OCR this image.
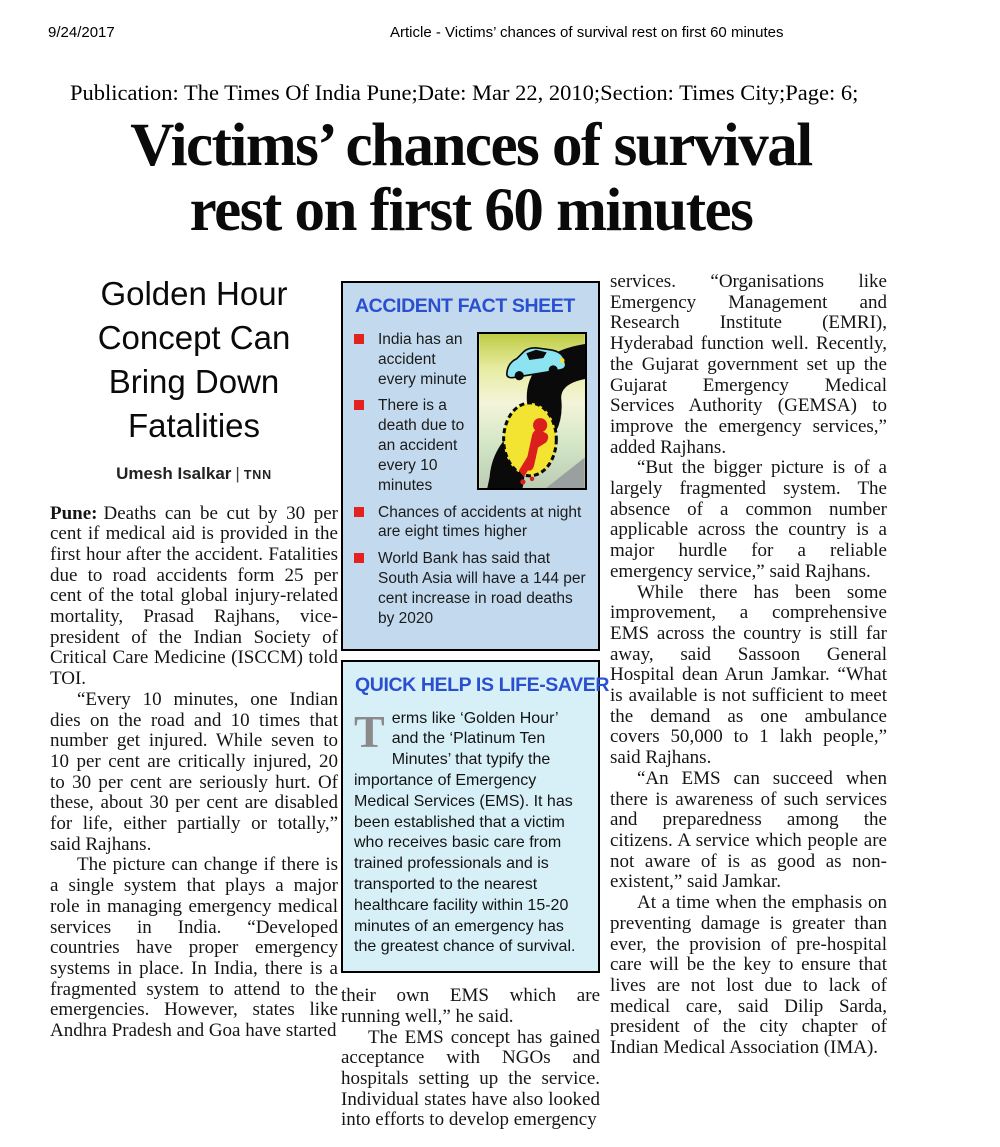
9/24/2017	Article - Victims’ chances of survival rest on first 60 minutes
Publication: The Times Of India Pune;Date: Mar 22, 2010;Section: Times City;Page: 6;
Victims’ chances of survival
rest on first 60 minutes
Golden Hour Concept Can Bring Down Fatalities
Umesh Isalkar | TNN

Pune: Deaths can be cut by 30 per cent if medical aid is provided in the first hour after the accident. Fatalities due to road accidents form 25 per cent of the total global injury-related mortality, Prasad Rajhans, vice-president of the Indian Society of Critical Care Medicine (ISCCM) told TOI.

“Every 10 minutes, one Indian dies on the road and 10 times that number get injured. While seven to 10 per cent are critically injured, 20 to 30 per cent are seriously hurt. Of these, about 30 per cent are disabled for life, either partially or totally,” said Rajhans.

The picture can change if there is a single system that plays a major role in managing emergency medical services in India. “Developed countries have proper emergency systems in place. In India, there is a fragmented system to attend to the emergencies. However, states like Andhra Pradesh and Goa have started

ACCIDENT FACT SHEET

India has an accident every minute

There is a death due to an accident every 10 minutes

Chances of accidents at night are eight times higher

World Bank has said that South Asia will have a 144 per cent increase in road deaths by 2020

QUICK HELP IS LIFE-SAVER

Terms like ‘Golden Hour’ and the ‘Platinum Ten Minutes’ that typify the importance of Emergency Medical Services (EMS). It has been established that a victim who receives basic care from trained professionals and is transported to the nearest healthcare facility within 15-20 minutes of an emergency has the greatest chance of survival.

their own EMS which are running well,” he said.

The EMS concept has gained acceptance with NGOs and hospitals setting up the service. Individual states have also looked into efforts to develop emergency

services. “Organisations like Emergency Management and Research Institute (EMRI), Hyderabad function well. Recently, the Gujarat government set up the Gujarat Emergency Medical Services Authority (GEMSA) to improve the emergency services,” added Rajhans.

“But the bigger picture is of a largely fragmented system. The absence of a common number applicable across the country is a major hurdle for a reliable emergency service,” said Rajhans.

While there has been some improvement, a comprehensive EMS across the country is still far away, said Sassoon General Hospital dean Arun Jamkar. “What is available is not sufficient to meet the demand as one ambulance covers 50,000 to 1 lakh people,” said Rajhans.

“An EMS can succeed when there is awareness of such services and preparedness among the citizens. A service which people are not aware of is as good as non-existent,” said Jamkar.

At a time when the emphasis on preventing damage is greater than ever, the provision of pre-hospital care will be the key to ensure that lives are not lost due to lack of medical care, said Dilip Sarda, president of the city chapter of Indian Medical Association (IMA).
